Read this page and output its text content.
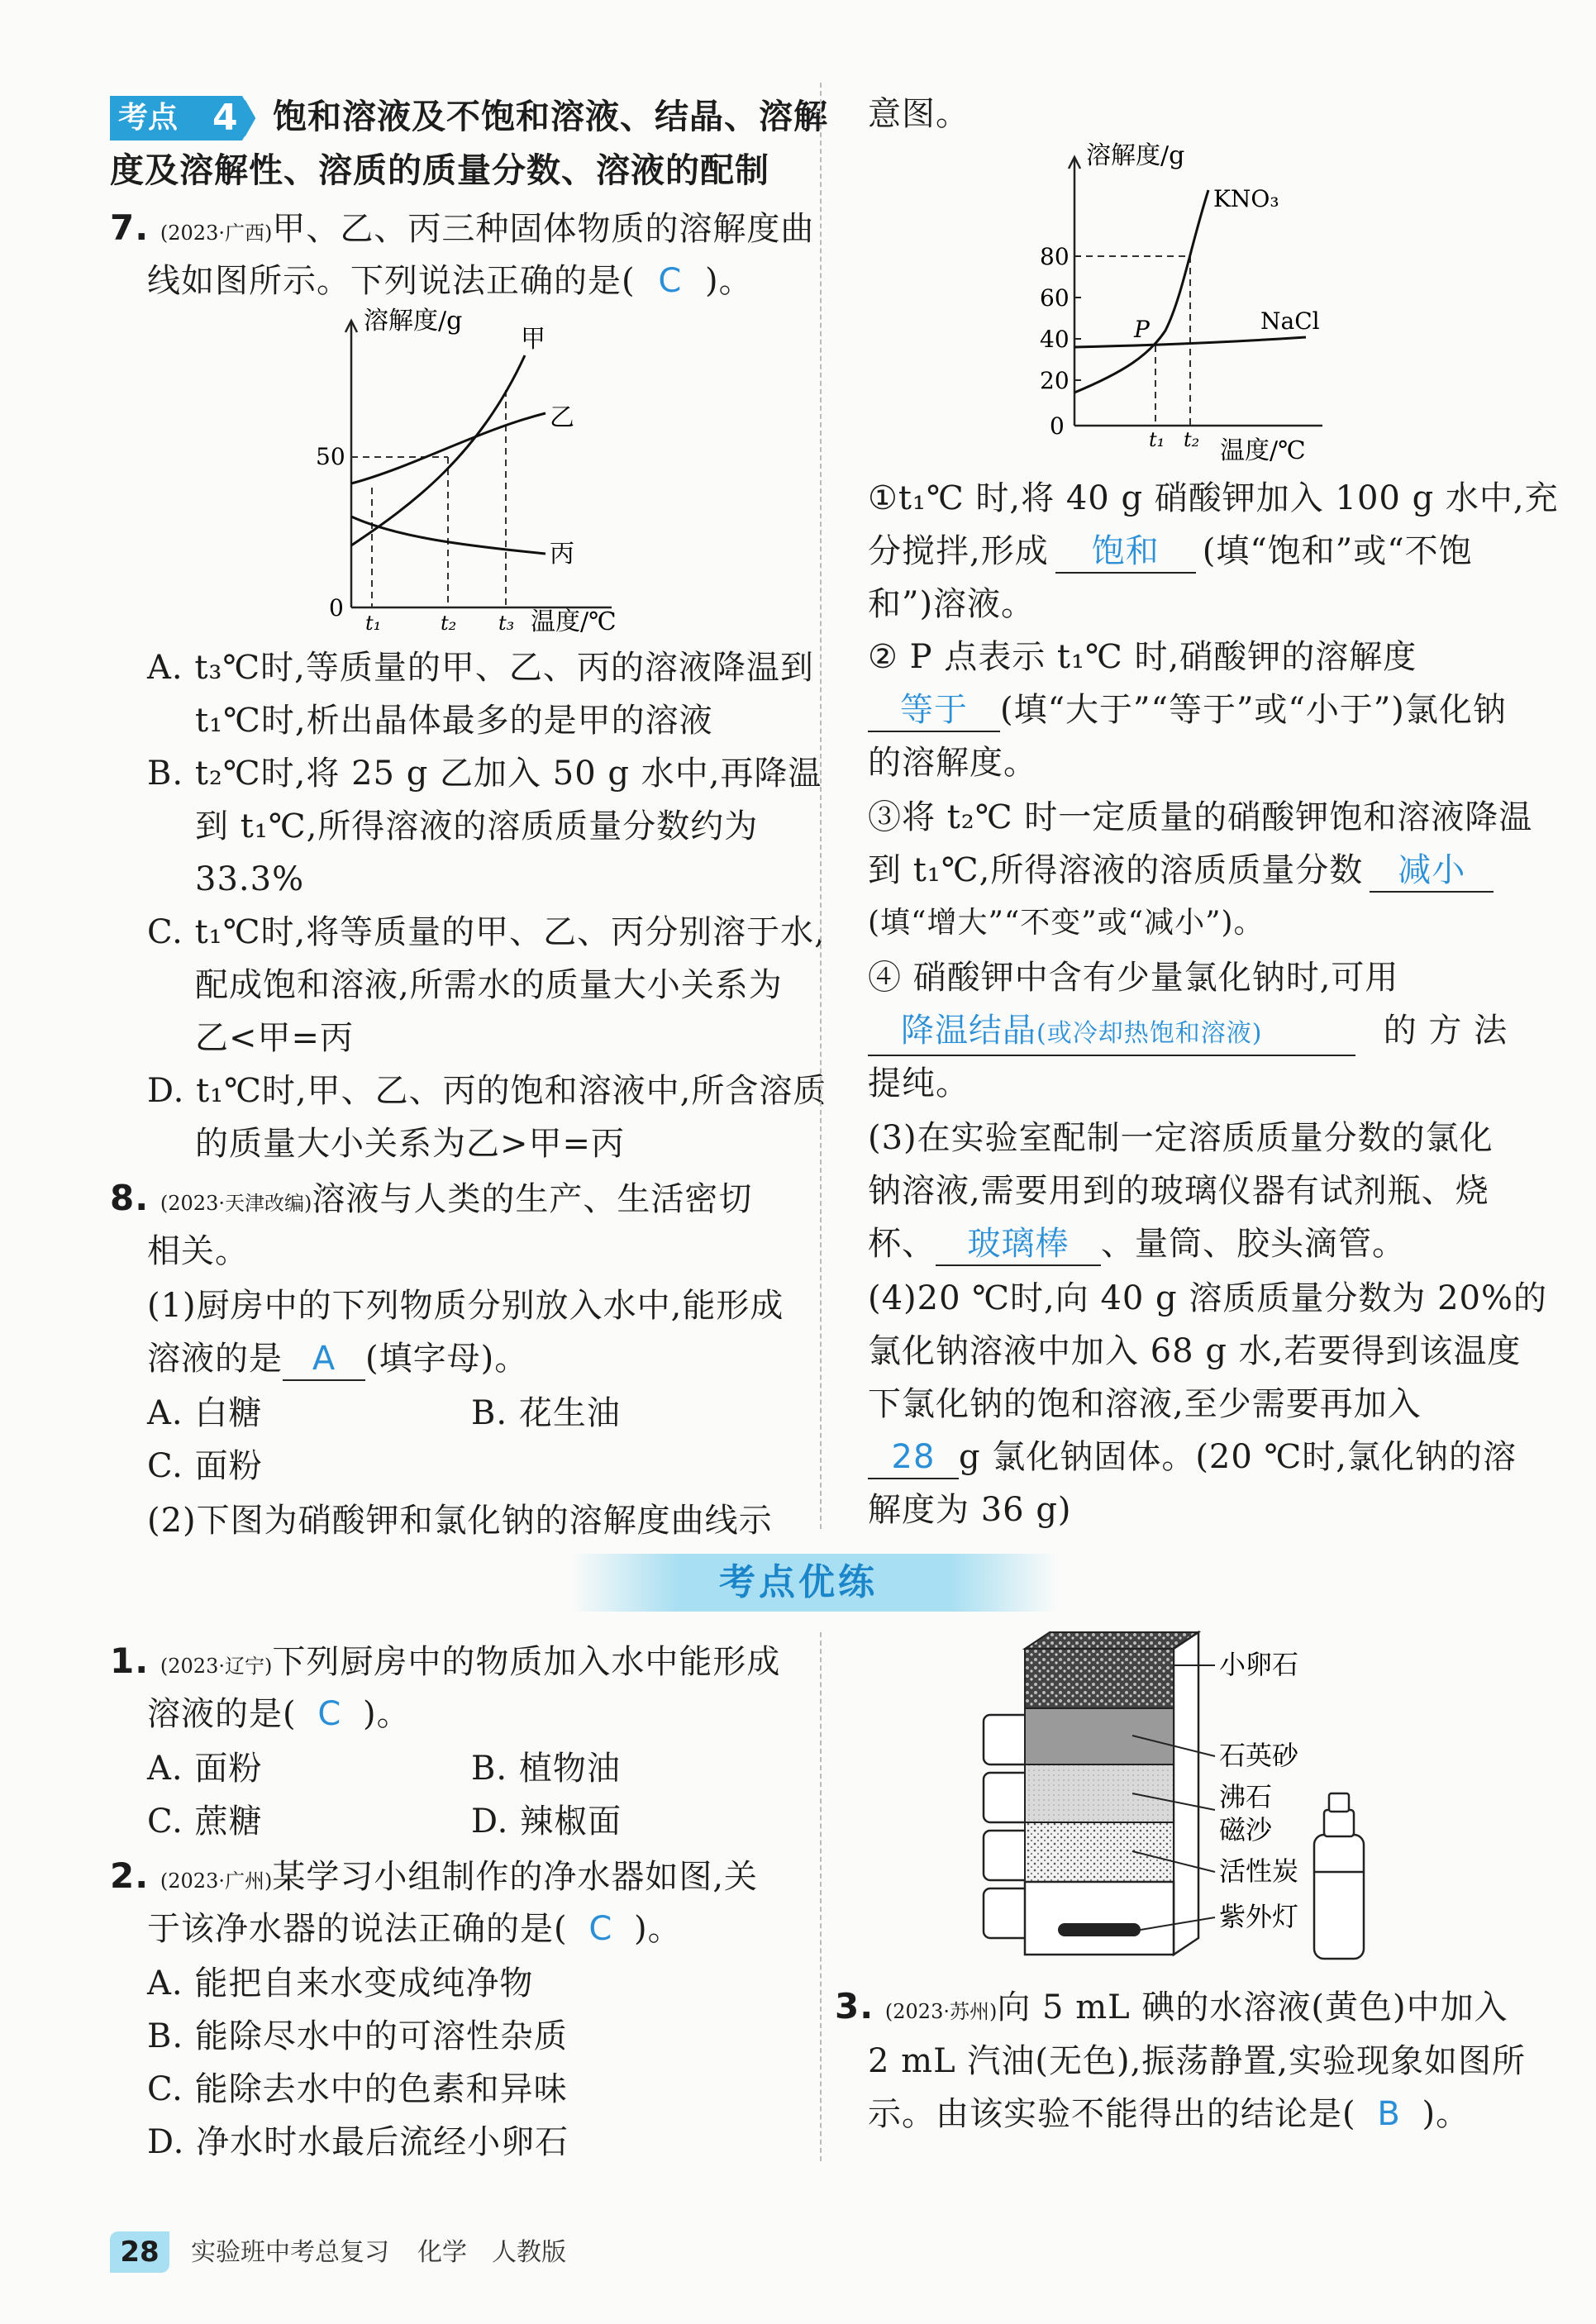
考点 4 饱和溶液及不饱和溶液、结晶、溶解
度及溶解性、溶质的质量分数、溶液的配制
7. (2023·广西)甲、乙、丙三种固体物质的溶解度曲
线如图所示。下列说法正确的是( C )。
溶解度/g
甲
乙
丙
50
0
t₁	t₂ t₃ 温度/℃
A. t₃℃时,等质量的甲、乙、丙的溶液降温到
t₁℃时,析出晶体最多的是甲的溶液
B. t₂℃时,将 25 g 乙加入 50 g 水中,再降温
到 t₁℃,所得溶液的溶质质量分数约为
33.3%
C. t₁℃时,将等质量的甲、乙、丙分别溶于水,
配成饱和溶液,所需水的质量大小关系为
乙<甲=丙
D. t₁℃时,甲、乙、丙的饱和溶液中,所含溶质
的质量大小关系为乙>甲=丙
8. (2023·天津改编)溶液与人类的生产、生活密切
相关。
(1)厨房中的下列物质分别放入水中,能形成
溶液的是 A (填字母)。
A. 白糖	B. 花生油
C. 面粉
(2)下图为硝酸钾和氯化钠的溶解度曲线示
意图。
溶解度/g
KNO₃
NaCl
P
80
60
40
20
0	t₁ t₂ 温度/℃
①t₁℃ 时,将 40 g 硝酸钾加入 100 g 水中,充
分搅拌,形成 饱和 (填“饱和”或“不饱
和”)溶液。
② P 点表示 t₁℃ 时,硝酸钾的溶解度
等于 (填“大于”“等于”或“小于”)氯化钠
的溶解度。
③将 t₂℃ 时一定质量的硝酸钾饱和溶液降温
到 t₁℃,所得溶液的溶质质量分数 减小
(填“增大”“不变”或“减小”)。
④ 硝酸钾中含有少量氯化钠时,可用
降温结晶(或冷却热饱和溶液)	的 方 法
提纯。
(3)在实验室配制一定溶质质量分数的氯化
钠溶液,需要用到的玻璃仪器有试剂瓶、烧
杯、 玻璃棒 、量筒、胶头滴管。
(4)20 ℃时,向 40 g 溶质质量分数为 20%的
氯化钠溶液中加入 68 g 水,若要得到该温度
下氯化钠的饱和溶液,至少需要再加入
28 g 氯化钠固体。(20 ℃时,氯化钠的溶
解度为 36 g)
考点优练
1. (2023·辽宁)下列厨房中的物质加入水中能形成
溶液的是( C )。
A. 面粉	B. 植物油
C. 蔗糖	D. 辣椒面
2. (2023·广州)某学习小组制作的净水器如图,关
于该净水器的说法正确的是( C )。
A. 能把自来水变成纯净物
B. 能除尽水中的可溶性杂质
C. 能除去水中的色素和异味
D. 净水时水最后流经小卵石
小卵石
石英砂
沸石
磁沙
活性炭
紫外灯
3. (2023·苏州)向 5 mL 碘的水溶液(黄色)中加入
2 mL 汽油(无色),振荡静置,实验现象如图所
示。由该实验不能得出的结论是( B )。
28	实验班中考总复习 化学 人教版
